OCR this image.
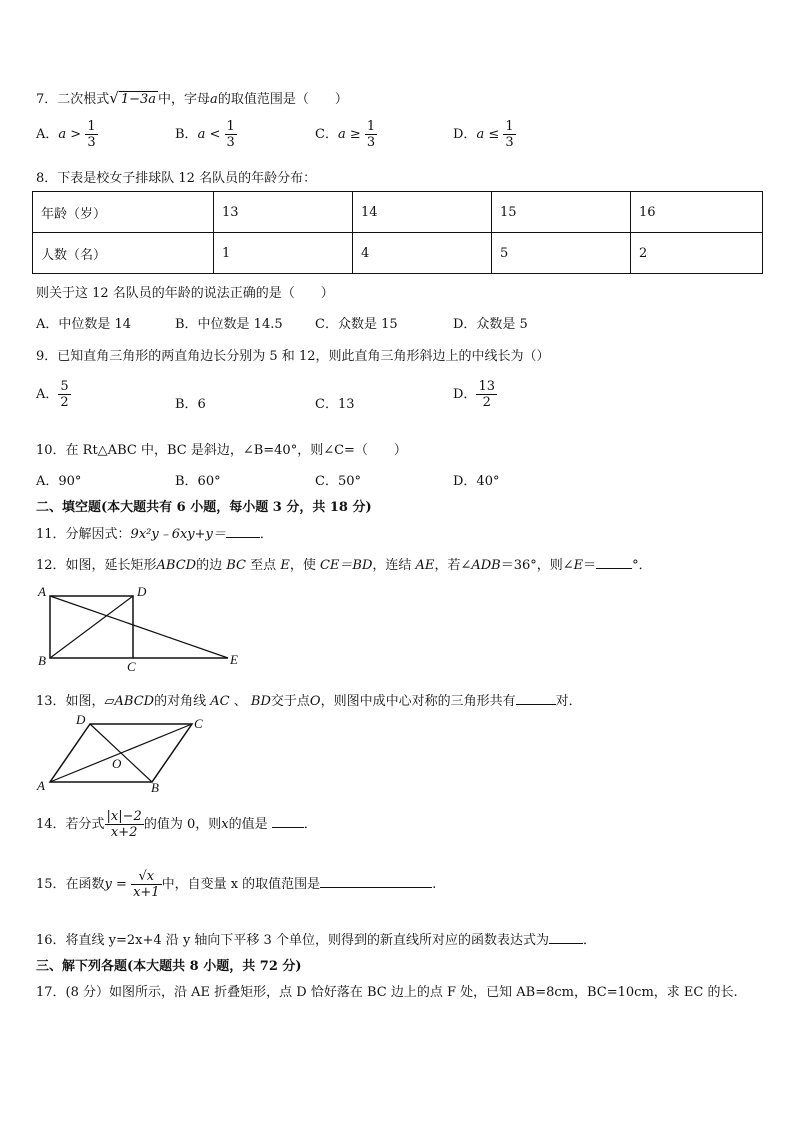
7．二次根式√ 1−3a 中，字母a的取值范围是（　　）
A．$a > \frac{1}{3}$	B．$a < \frac{1}{3}$	C．$a \ge \frac{1}{3}$	D．$a \le \frac{1}{3}$
8．下表是校女子排球队 12 名队员的年龄分布：
年龄（岁）	13	14	15	16
人数（名）	1	4	5	2
则关于这 12 名队员的年龄的说法正确的是（　　）
A．中位数是 14	B．中位数是 14.5 C．众数是 15	D．众数是 5
9．已知直角三角形的两直角边长分别为 5 和 12，则此直角三角形斜边上的中线长为（）
A． $\frac{5}{2}$	B．6	C．13
D． $\frac{13}{2}$
10．在 Rt△ABC 中，BC 是斜边，∠B=40°，则∠C=（　　）
A．90°	B．60°	C．50°	D．40°
二、填空题(本大题共有 6 小题，每小题 3 分，共 18 分)
11．分解因式：9x²y﹣6xy+y＝	．
12．如图，延长矩形ABCD的边 BC 至点 E，使 CE＝BD，连结 AE，若∠ADB＝36°，则∠E＝	°．
A	D
B	C	E
13．如图，▱ABCD的对角线 AC 、 BD交于点O，则图中成中心对称的三角形共有	对．
D	C
A	B
O
14．若分式 $\frac{|x|-2}{x+2}$ 的值为 0，则x的值是	．
15．在函数$y = \frac{√x}{x+1}$ 中，自变量 x 的取值范围是	.
16．将直线 y=2x+4 沿 y 轴向下平移 3 个单位，则得到的新直线所对应的函数表达式为	．
三、解下列各题(本大题共 8 小题，共 72 分)
17．(8 分）如图所示，沿 AE 折叠矩形，点 D 恰好落在 BC 边上的点 F 处，已知 AB=8cm，BC=10cm，求 EC 的长.
